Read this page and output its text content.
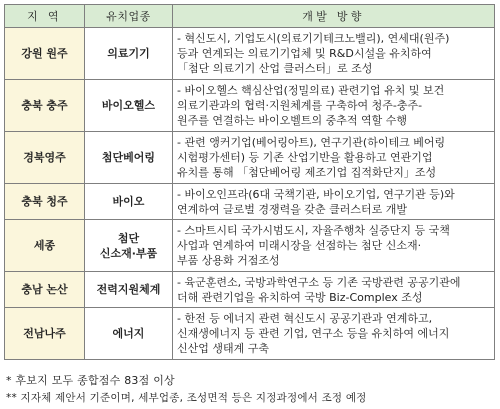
지 역	유치업종	개발 방향
강원 원주	의료기기	- 혁신도시, 기업도시(의료기기테크노밸리), 연세대(원주)
등과 연계되는 의료기기업체 및 R&D시설을 유치하여
「첨단 의료기기 산업 클러스터」로 조성

충북 충주	바이오헬스	- 바이오헬스 핵심산업(정밀의료) 관련기업 유치 및 보건
의료기관과의 협력·지원체계를 구축하여 청주-충주-
원주를 연결하는 바이오벨트의 중추적 역할 수행

경북영주	첨단베어링	- 관련 앵커기업(베어링아트), 연구기관(하이테크 베어링
시험평가센터) 등 기존 산업기반을 활용하고 연관기업
유치를 통해 「첨단베어링 제조기업 집적화단지」조성

충북 청주	바이오	- 바이오인프라(6대 국책기관, 바이오기업, 연구기관 등)와
연계하여 글로벌 경쟁력을 갖춘 클러스터로 개발

세종	첨단
신소재·부품	- 스마트시티 국가시범도시, 자율주행차 실증단지 등 국책
사업과 연계하여 미래시장을 선점하는 첨단 신소재·
부품 상용화 거점조성

충남 논산	전력지원체계	- 육군훈련소, 국방과학연구소 등 기존 국방관련 공공기관에
더해 관련기업을 유치하여 국방 Biz-Complex 조성

전남나주	에너지	- 한전 등 에너지 관련 혁신도시 공공기관과 연계하고,
신재생에너지 등 관련 기업, 연구소 등을 유치하여 에너지
신산업 생태계 구축
* 후보지 모두 종합점수 83점 이상
** 지자체 제안서 기준이며, 세부업종, 조성면적 등은 지정과정에서 조정 예정
